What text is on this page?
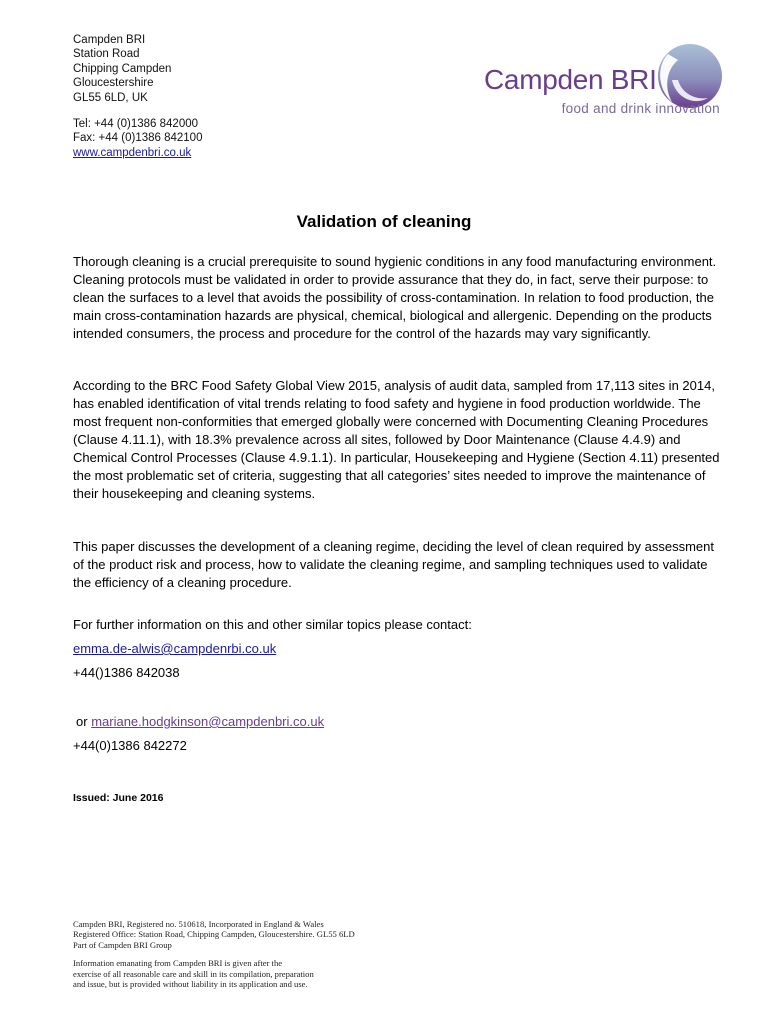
Campden BRI
Station Road
Chipping Campden
Gloucestershire
GL55 6LD, UK
Tel: +44 (0)1386 842000
Fax: +44 (0)1386 842100
www.campdenbri.co.uk
Campden BRI
food and drink innovation
Validation of cleaning

Thorough cleaning is a crucial prerequisite to sound hygienic conditions in any food manufacturing environment. Cleaning protocols must be validated in order to provide assurance that they do, in fact, serve their purpose: to clean the surfaces to a level that avoids the possibility of cross-contamination. In relation to food production, the main cross-contamination hazards are physical, chemical, biological and allergenic. Depending on the products intended consumers, the process and procedure for the control of the hazards may vary significantly.

According to the BRC Food Safety Global View 2015, analysis of audit data, sampled from 17,113 sites in 2014, has enabled identification of vital trends relating to food safety and hygiene in food production worldwide. The most frequent non-conformities that emerged globally were concerned with Documenting Cleaning Procedures (Clause 4.11.1), with 18.3% prevalence across all sites, followed by Door Maintenance (Clause 4.4.9) and Chemical Control Processes (Clause 4.9.1.1). In particular, Housekeeping and Hygiene (Section 4.11) presented the most problematic set of criteria, suggesting that all categories’ sites needed to improve the maintenance of their housekeeping and cleaning systems.

This paper discusses the development of a cleaning regime, deciding the level of clean required by assessment of the product risk and process, how to validate the cleaning regime, and sampling techniques used to validate the efficiency of a cleaning procedure.

For further information on this and other similar topics please contact:
emma.de-alwis@campdenrbi.co.uk
+44()1386 842038
or mariane.hodgkinson@campdenbri.co.uk
+44(0)1386 842272
Issued: June 2016
Campden BRI, Registered no. 510618, Incorporated in England & Wales
Registered Office: Station Road, Chipping Campden, Gloucestershire. GL55 6LD
Part of Campden BRI Group
Information emanating from Campden BRI is given after the
exercise of all reasonable care and skill in its compilation, preparation
and issue, but is provided without liability in its application and use.
